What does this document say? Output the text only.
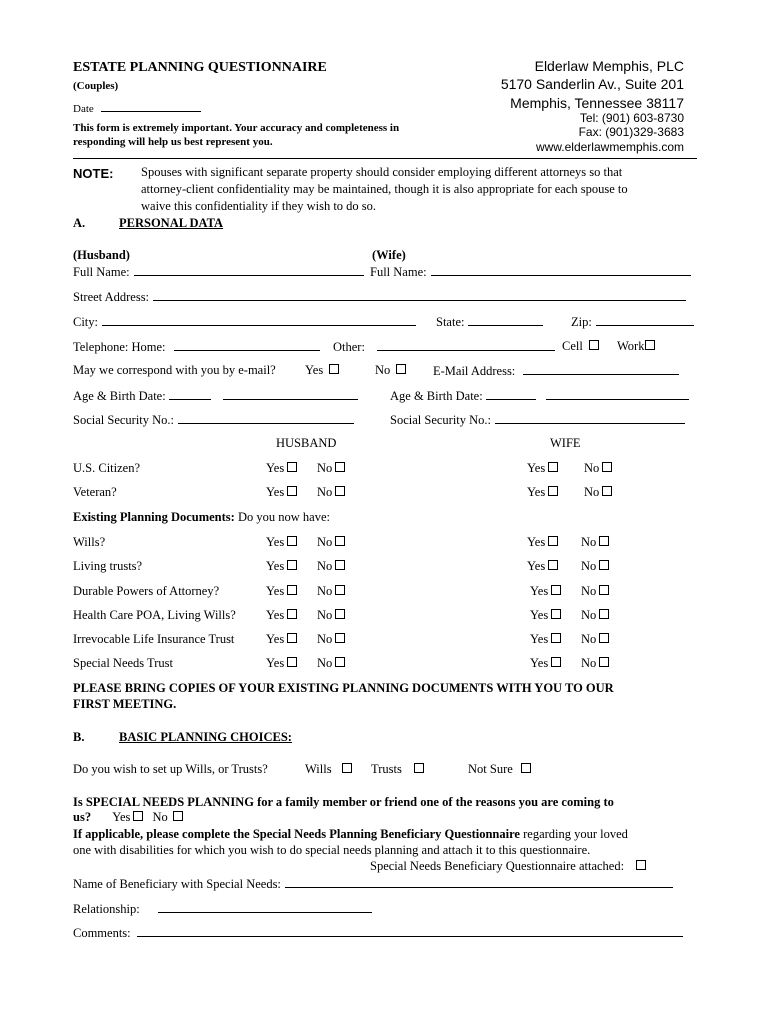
ESTATE PLANNING QUESTIONNAIRE
(Couples)
Date
This form is extremely important. Your accuracy and completeness in
responding will help us best represent you.
Elderlaw Memphis, PLC
5170 Sanderlin Av., Suite 201
Memphis, Tennessee 38117
Tel: (901) 603-8730
Fax: (901)329-3683
www.elderlawmemphis.com
NOTE: Spouses with significant separate property should consider employing different attorneys so that
attorney-client confidentiality may be maintained, though it is also appropriate for each spouse to
waive this confidentiality if they wish to do so.
A.	PERSONAL DATA
(Husband)	(Wife)
Full Name:	Full Name:
Street Address:
City:	State:	Zip:
Telephone: Home:	Other:	Cell	Work
May we correspond with you by e-mail? Yes	No	E-Mail Address:
Age & Birth Date:	Age & Birth Date:
Social Security No.:	Social Security No.:
HUSBAND	WIFE
U.S. Citizen?	Yes	No	Yes	No
Veteran?	Yes	No	Yes	No
Existing Planning Documents: Do you now have:
Wills?	Yes	No	Yes	No
Living trusts?	Yes	No	Yes	No
Durable Powers of Attorney?	Yes	No	Yes	No
Health Care POA, Living Wills? Yes	No	Yes	No
Irrevocable Life Insurance Trust	Yes	No	Yes	No
Special Needs Trust	Yes	No	Yes	No
PLEASE BRING COPIES OF YOUR EXISTING PLANNING DOCUMENTS WITH YOU TO OUR
FIRST MEETING.
B.	BASIC PLANNING CHOICES:
Do you wish to set up Wills, or Trusts?	Wills	Trusts	Not Sure
Is SPECIAL NEEDS PLANNING for a family member or friend one of the reasons you are coming to
us? Yes No
If applicable, please complete the Special Needs Planning Beneficiary Questionnaire regarding your loved
one with disabilities for which you wish to do special needs planning and attach it to this questionnaire.
Special Needs Beneficiary Questionnaire attached:
Name of Beneficiary with Special Needs:
Relationship:
Comments:
